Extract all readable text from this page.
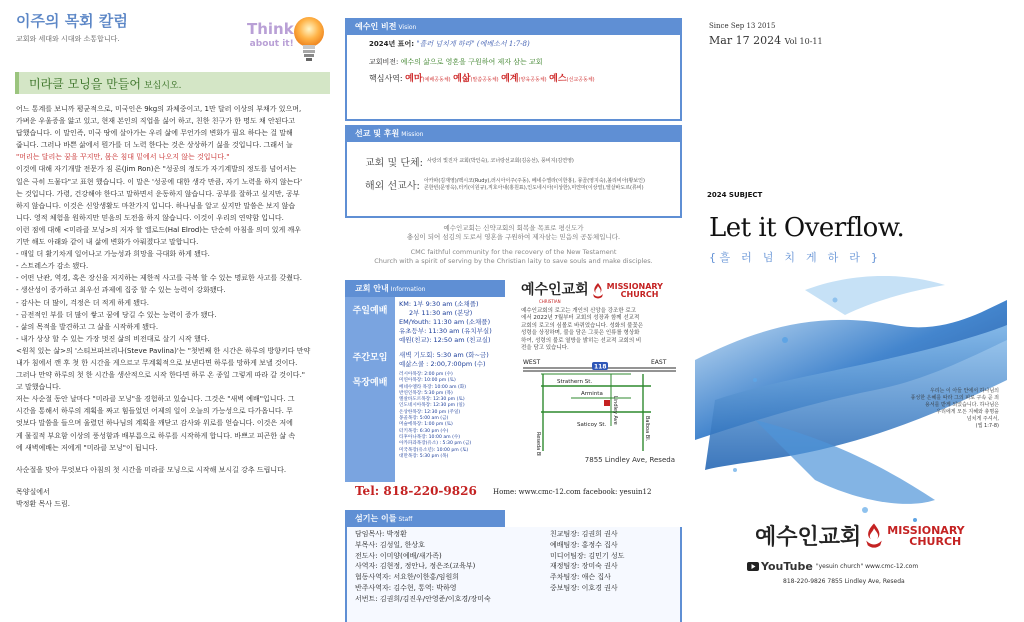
이주의 목회 칼럼
교회와 세대와 시대와 소통합니다.
Think
about it!
미라클 모닝을 만들어 보십시오.

어느 통계를 보니까 평균적으로, 미국인은 9kg의 과체중이고, 1만 달러 이상의 부채가 있으며,

가벼운 우울증을 앓고 있고, 현재 본인의 직업을 싫어 하고, 친한 친구가 한 명도 채 안된다고

답했습니다. 이 말인즉, 미국 땅에 살아가는 우리 삶에 무언가의 변화가 필요 하다는 걸 말해

줍니다. 그러나 바쁜 삶에서 뭔가를 더 노력 한다는 것은 상상하기 싫을 것입니다. 그래서 늘

"머리는 달리는 꿈을 꾸지만, 몸은 침대 밑에서 나오지 않는 것입니다."

이것에 대해 자기개발 전문가 짐 론(Jim Ron)은 "성공의 정도가 자기계발의 정도를 넘어서는

일은 극히 드물다"고 표현 했습니다. 이 말은 '성공에 대한 생각 만큼, 자기 노력을 하지 않는다'

는 것입니다. 가령, 건강해야 한다고 말하면서 운동하지 않습니다. 공부를 잘하고 싶지만, 공부

하지 않습니다. 이것은 신앙생활도 마찬가지 입니다. 하나님을 알고 싶지만 말씀은 보지 않습

니다. 영적 체험을 원하지만 믿음의 도전을 하지 않습니다. 이것이 우리의 연약함 입니다.

이런 점에 대해 <미라클 모닝>의 저자 할 엘로드(Hal Elrod)는 단순히 아침을 의미 있게 깨우

기만 해도 아래와 같이 내 삶에 변화가 아뤄졌다고 말합니다.

- 매일 더 활기차게 일어나고 가능성과 희망을 극대화 하게 됐다.

- 스트레스가 감소 됐다.

- 어떤 난관, 역경, 혹은 장신을 저지하는 제한적 사고를 극복 할 수 있는 명료한 사고를 갖췄다.

- 생산성이 증가하고 최우선 과제에 집중 할 수 있는 능력이 강화됐다.

- 감사는 더 많이, 걱정은 더 적게 하게 됐다.

- 금전적인 부를 더 많이 쌓고 꿈에 당길 수 있는 능력이 증가 됐다.

- 삶의 목적을 발견하고 그 삶을 시작하게 됐다.

- 내가 상상 할 수 있는 가장 멋진 삶의 비전대로 살기 시작 했다.

<원칙 있는 삶>의 '스티브파브리나(Steve Pavlina)'는 "첫번째 한 시간은 하루의 방향키다 만약

내가 침에서 깬 후 첫 한 시간을 게으르고 무계획적으로 보낸다면 하루를 망하게 보낼 것이다.

그러나 만약 하루의 첫 한 시간을 생산적으로 시작 한다면 하루 온 종일 그렇게 따라 갈 것이다."

고 말했습니다.

저는 사순절 동안 날마다 "미라클 모닝"을 경험하고 있습니다. 그것은 "새벽 예배"입니다. 그

시간을 통해서 하루의 계획을 짜고 힘들었던 어제의 일이 오늘의 가능성으로 다가옵니다. 무

엇보다 말씀을 들으며 울렸던 하나님의 계획을 깨닫고 감사와 위로를 얻습니다. 이것은 저에

게 물질적 부요함 이상의 풍성함과 배부름으로 하루를 시작하게 합니다. 바쁘고 피곤한 삶 속

에 새벽예배는 저에게 "미라클 모닝"이 됩니다.

사순절을 맞아 무엇보다 아침의 첫 시간을 미라클 모닝으로 시작해 보시길 강추 드립니다.

목양실에서

박정환 목사 드림.

예수인 비전 Vision
2024년 표어: "흘러 넘치게 하라" (에베소서 1:7-8)
교회비전: 예수의 삶으로 영혼을 구원하여 제자 삼는 교회
핵심사역: 예마(예배공동체) 예삶(말씀공동체) 예계(양육공동체) 예스(선교공동체)
선교 및 후원 Mission
교회 및 단체: 사랑의 빛진자 교회(박인숙), 코너랑선교회(김응선), 풍비지(김연영)
해외 선교사:
아카파(김재영)/맥시코(Rudy),러시아이주(주동), 베네수엘라(이한홍), 몽골(영지숙),볼리비아(황보인)
콘한빈(문영옥),터키(이원규),직호아내(홍원표),인도네시아(이상한),미얀마(이상열),엘살바도르(류비)
예수인교회는 신약교회의 회복을 목표로 평신도가
충심이 되어 섬김의 도로서 영혼을 구원하여 제자삼는 믿음의 공동체입니다.
CMC faithful community for the recovery of the New Testament
Church with a spirit of serving by the Christian laity to save souls and make disciples.
교회 안내 Information
주일예배
주간모임
목장예배
KM: 1부 9:30 am (소채플)
2부 11:30 am (본당)
EM/Youth: 11:30 am (소채플)
유초등부: 11:30 am (유치부실)
예원(친교): 12:50 am (친교실)
새벽 기도회: 5:30 am (화~금)
예삶스쿨 : 2:00,7:00pm (수)
러시아목장: 2:00 pm (수)
미연아목장: 10:00 pm (토)
베네수엘라 목장: 10:00 am (화)
반연인목장: 5:30 pm (목)
엘살바도르목장: 12:30 pm (토)
인도네시아목장: 12:30 pm (일)
온상한목장: 12:30 pm (주일)
몽골목장: 5:00 am (금)
머슬에목장: 1:00 pm (토)
터키목장: 6:30 pm (수)
티후아나목장: 10:00 am (수)
아카파과목장(유소) : 5:30 pm (금)
미국목장(유소년): 10:00 pm (토)
대만목장: 5:30 pm (목)
예수인교회 MISSIONARY
CHURCH
CHRISTIAN
예수인교회의 로고는 개인의 신앙을 강조한 로고
에서 2022년 7월부터 교회의 성장과 함께 선교적
교회의 로고의 심볼로 바뀌었습니다. 성화의 불꽃은
성령을 상징하며, 불을 담은 그릇은 인류를 형상화
하여, 성령의 불로 열방을 밝히는 선교적 교회의 비
전을 담고 있습니다.
WEST	EAST
118
Strathern St.
Arminta
Saticoy St.
Reseda Bl.
Lindley Ave
Balboa Bl.
7855 Lindley Ave, Reseda
Tel: 818-220-9826 Home: www.cmc-12.com facebook: yesuin12
섬기는 이들 Staff
담임목사: 박정환
부목사: 김성일, 한상호
전도사: 이미양(예배/새가족)
사역자: 김현정, 정안나, 정은조(교육부)
협동사역자: 서요한/이한홍/임원희
반주사역자: 김수현, 통역: 박하영
서번트: 김권희/김진우/안영준/이호경/장미숙
친교팀장: 김권희 권사
예배팀장: 홍정수 집사
미디어팀장: 김민기 성도
재정팀장: 장미숙 권사
주차팀장: 애슨 집사
중보팀장: 이호경 권사
Since Sep 13 2015
Mar 17 2024 Vol 10-11
2024 SUBJECT
Let it Overflow.
{ 흘러넘치게하라}
우리는 이 아들 안에서 하나님의
풍성한 은혜를 따라 그의 피로 구속 곧 죄
용서를 받게 되었습니다. 하나님은
우리에게 모든 지혜와 총명을
넘치게 주셔서,
(엡 1:7-8)
예수인교회 MISSIONARY
CHURCH
YouTube "yesuin church" www.cmc-12.com
818-220-9826 7855 Lindley Ave, Reseda
